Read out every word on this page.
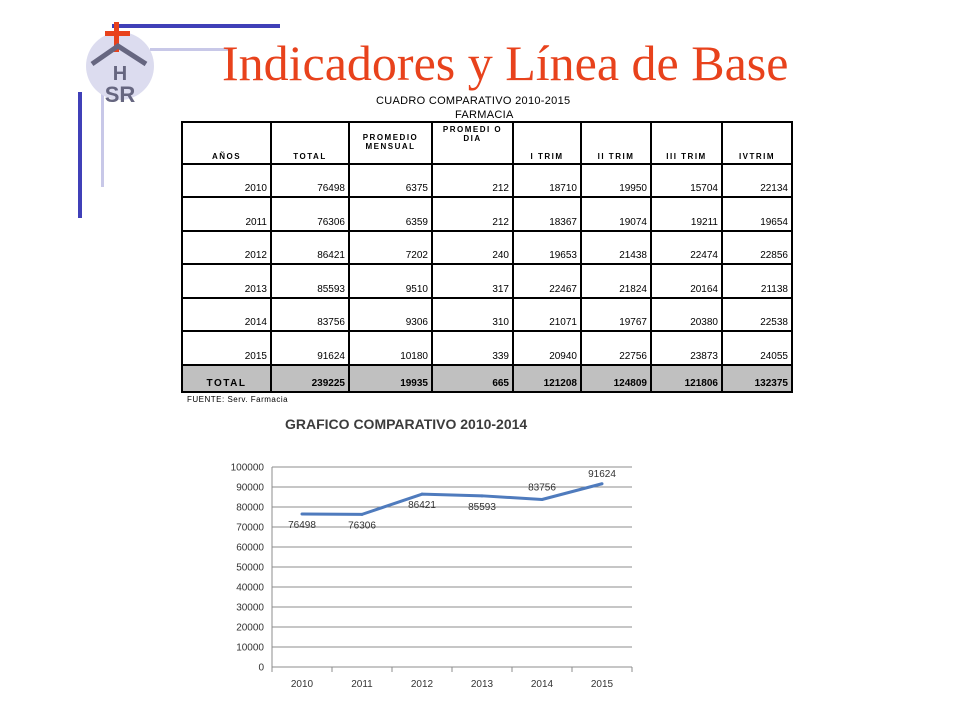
H
SR
Indicadores y Línea de Base
CUADRO COMPARATIVO 2010-2015
FARMACIA
AÑOS	TOTAL	PROMEDIO MENSUAL	PROMEDI O DIA	I TRIM	II TRIM	III TRIM	IVTRIM
2010	76498	6375	212	18710	19950	15704	22134
2011	76306	6359	212	18367	19074	19211	19654
2012	86421	7202	240	19653	21438	22474	22856
2013	85593	9510	317	22467	21824	20164	21138
2014	83756	9306	310	21071	19767	20380	22538
2015	91624	10180	339	20940	22756	23873	24055
TOTAL	239225	19935	665	121208	124809	121806	132375
FUENTE: Serv. Farmacia
GRAFICO COMPARATIVO 2010-2014
100000
90000
80000
70000
60000
50000
40000
30000
20000
10000
0
2010	2011	2012	2013	2014	2015
76498	76306
86421	85593
83756
91624
